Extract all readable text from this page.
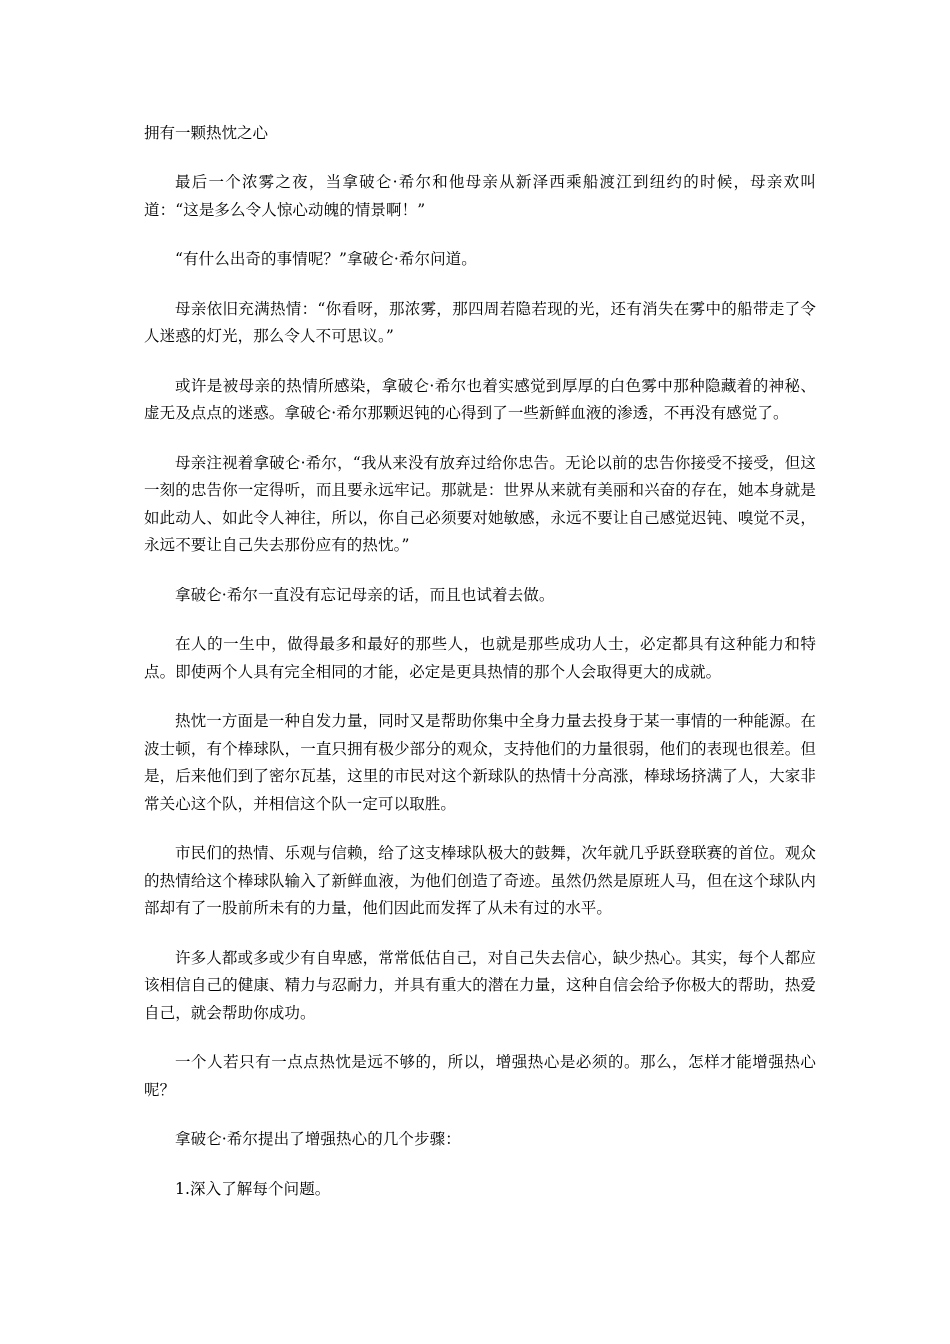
拥有一颗热忱之心

最后一个浓雾之夜，当拿破仑·希尔和他母亲从新泽西乘船渡江到纽约的时候，母亲欢叫道：“这是多么令人惊心动魄的情景啊！”

“有什么出奇的事情呢？”拿破仑·希尔问道。

母亲依旧充满热情：“你看呀，那浓雾，那四周若隐若现的光，还有消失在雾中的船带走了令人迷惑的灯光，那么令人不可思议。”

或许是被母亲的热情所感染，拿破仑·希尔也着实感觉到厚厚的白色雾中那种隐藏着的神秘、虚无及点点的迷惑。拿破仑·希尔那颗迟钝的心得到了一些新鲜血液的渗透，不再没有感觉了。

母亲注视着拿破仑·希尔，“我从来没有放弃过给你忠告。无论以前的忠告你接受不接受，但这一刻的忠告你一定得听，而且要永远牢记。那就是：世界从来就有美丽和兴奋的存在，她本身就是如此动人、如此令人神往，所以，你自己必须要对她敏感，永远不要让自己感觉迟钝、嗅觉不灵，永远不要让自己失去那份应有的热忱。”

拿破仑·希尔一直没有忘记母亲的话，而且也试着去做。

在人的一生中，做得最多和最好的那些人，也就是那些成功人士，必定都具有这种能力和特点。即使两个人具有完全相同的才能，必定是更具热情的那个人会取得更大的成就。

热忱一方面是一种自发力量，同时又是帮助你集中全身力量去投身于某一事情的一种能源。在波士顿，有个棒球队，一直只拥有极少部分的观众，支持他们的力量很弱，他们的表现也很差。但是，后来他们到了密尔瓦基，这里的市民对这个新球队的热情十分高涨，棒球场挤满了人，大家非常关心这个队，并相信这个队一定可以取胜。

市民们的热情、乐观与信赖，给了这支棒球队极大的鼓舞，次年就几乎跃登联赛的首位。观众的热情给这个棒球队输入了新鲜血液，为他们创造了奇迹。虽然仍然是原班人马，但在这个球队内部却有了一股前所未有的力量，他们因此而发挥了从未有过的水平。

许多人都或多或少有自卑感，常常低估自己，对自己失去信心，缺少热心。其实，每个人都应该相信自己的健康、精力与忍耐力，并具有重大的潜在力量，这种自信会给予你极大的帮助，热爱自己，就会帮助你成功。

一个人若只有一点点热忱是远不够的，所以，增强热心是必须的。那么，怎样才能增强热心呢？

拿破仑·希尔提出了增强热心的几个步骤：

1.深入了解每个问题。
